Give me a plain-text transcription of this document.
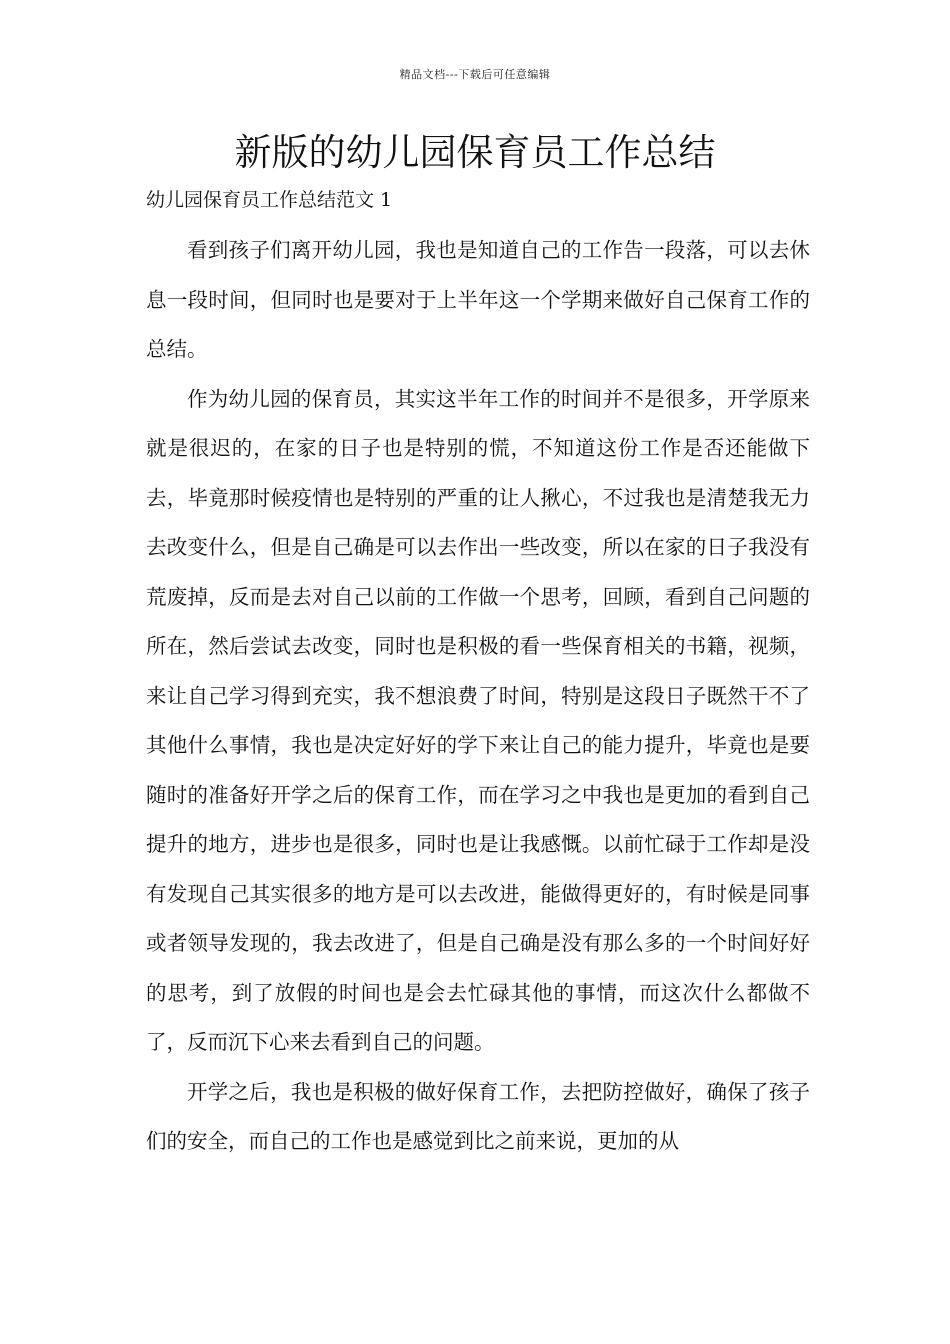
精品文档---下载后可任意编辑
新版的幼儿园保育员工作总结
幼儿园保育员工作总结范文 1

看到孩子们离开幼儿园，我也是知道自己的工作告一段落，可以去休息一段时间，但同时也是要对于上半年这一个学期来做好自己保育工作的总结。

作为幼儿园的保育员，其实这半年工作的时间并不是很多，开学原来就是很迟的，在家的日子也是特别的慌，不知道这份工作是否还能做下去，毕竟那时候疫情也是特别的严重的让人揪心，不过我也是清楚我无力去改变什么，但是自己确是可以去作出一些改变，所以在家的日子我没有荒废掉，反而是去对自己以前的工作做一个思考，回顾，看到自己问题的所在，然后尝试去改变，同时也是积极的看一些保育相关的书籍，视频，来让自己学习得到充实，我不想浪费了时间，特别是这段日子既然干不了其他什么事情，我也是决定好好的学下来让自己的能力提升，毕竟也是要随时的准备好开学之后的保育工作，而在学习之中我也是更加的看到自己提升的地方，进步也是很多，同时也是让我感慨。以前忙碌于工作却是没有发现自己其实很多的地方是可以去改进，能做得更好的，有时候是同事或者领导发现的，我去改进了，但是自己确是没有那么多的一个时间好好的思考，到了放假的时间也是会去忙碌其他的事情，而这次什么都做不了，反而沉下心来去看到自己的问题。

开学之后，我也是积极的做好保育工作，去把防控做好，确保了孩子们的安全，而自己的工作也是感觉到比之前来说，更加的从
